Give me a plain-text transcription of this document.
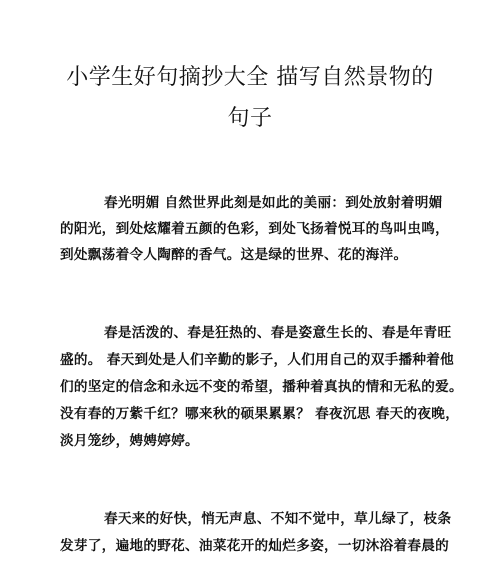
小学生好句摘抄大全 描写自然景物的
句子
春光明媚 自然世界此刻是如此的美丽：到处放射着明媚
的阳光，到处炫耀着五颜的色彩，到处飞扬着悦耳的鸟叫虫鸣，
到处飘荡着令人陶醉的香气。这是绿的世界、花的海洋。
春是活泼的、春是狂热的、春是姿意生长的、春是年青旺
盛的。 春天到处是人们辛勤的影子，人们用自己的双手播种着他
们的坚定的信念和永远不变的希望，播种着真执的情和无私的爱。
没有春的万紫千红？哪来秋的硕果累累？ 春夜沉思 春天的夜晚，
淡月笼纱，娉娉婷婷。
春天来的好快，悄无声息、不知不觉中，草儿绿了，枝条
发芽了，遍地的野花、油菜花开的灿烂多姿，一切沐浴着春晨的
